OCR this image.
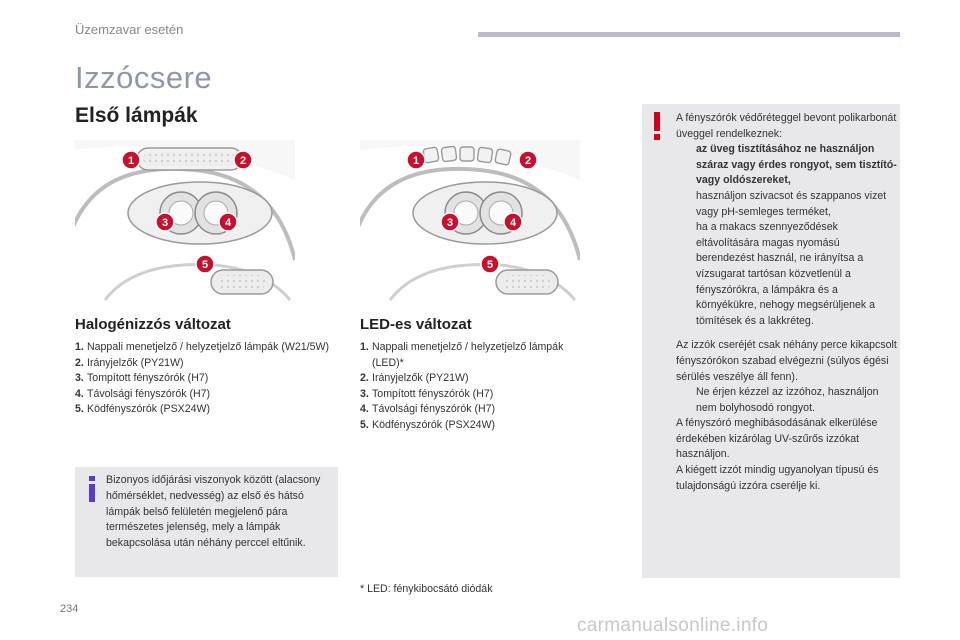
Üzemzavar esetén
Izzócsere
Első lámpák
1	2
3	4
5
1	2
3	4
5
Halogénizzós változat
1. Nappali menetjelző / helyzetjelző lámpák (W21/5W)
2. Irányjelzők (PY21W)
3. Tompított fényszórók (H7)
4. Távolsági fényszórók (H7)
5. Ködfényszórók (PSX24W)
LED-es változat
1. Nappali menetjelző / helyzetjelző lámpák (LED)*
2. Irányjelzők (PY21W)
3. Tompított fényszórók (H7)
4. Távolsági fényszórók (H7)
5. Ködfényszórók (PSX24W)
Bizonyos időjárási viszonyok között (alacsony hőmérséklet, nedvesség) az első és hátsó lámpák belső felületén megjelenő pára természetes jelenség, mely a lámpák bekapcsolása után néhány perccel eltűnik.
* LED: fénykibocsátó diódák
A fényszórók védőréteggel bevont polikarbonát üveggel rendelkeznek:
az üveg tisztításához ne használjon száraz vagy érdes rongyot, sem tisztító- vagy oldószereket,
használjon szivacsot és szappanos vizet vagy pH-semleges terméket,
ha a makacs szennyeződések eltávolítására magas nyomású berendezést használ, ne irányítsa a vízsugarat tartósan közvetlenül a fényszórókra, a lámpákra és a környékükre, nehogy megsérüljenek a tömítések és a lakkréteg.
Az izzók cseréjét csak néhány perce kikapcsolt fényszórókon szabad elvégezni (súlyos égési sérülés veszélye áll fenn).
Ne érjen kézzel az izzóhoz, használjon nem bolyhosodó rongyot.
A fényszóró meghibásodásának elkerülése érdekében kizárólag UV-szűrős izzókat használjon.
A kiégett izzót mindig ugyanolyan típusú és tulajdonságú izzóra cserélje ki.
234
carmanualsonline.info
